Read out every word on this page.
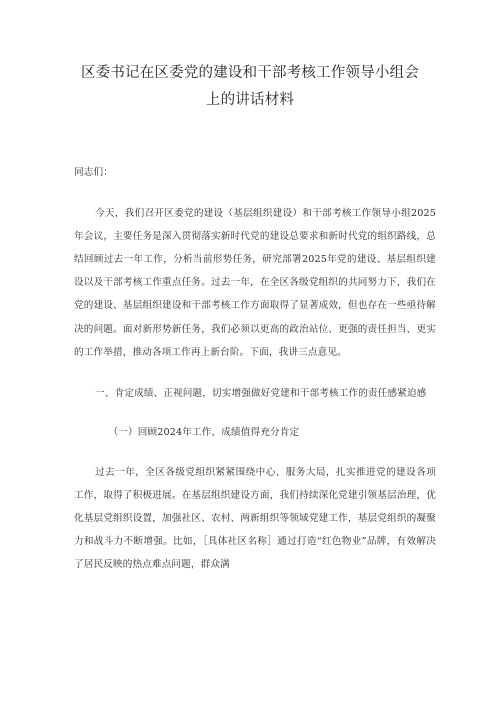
区委书记在区委党的建设和干部考核工作领导小组会
上的讲话材料

同志们：

今天，我们召开区委党的建设（基层组织建设）和干部考核工作领导小组2025年会议，主要任务是深入贯彻落实新时代党的建设总要求和新时代党的组织路线，总结回顾过去一年工作，分析当前形势任务，研究部署2025年党的建设、基层组织建设以及干部考核工作重点任务。过去一年，在全区各级党组织的共同努力下，我们在党的建设、基层组织建设和干部考核工作方面取得了显著成效，但也存在一些亟待解决的问题。面对新形势新任务，我们必须以更高的政治站位、更强的责任担当、更实的工作举措，推动各项工作再上新台阶。下面，我讲三点意见。

一、肯定成绩、正视问题，切实增强做好党建和干部考核工作的责任感紧迫感

（一）回顾2024年工作，成绩值得充分肯定

过去一年，全区各级党组织紧紧围绕中心、服务大局，扎实推进党的建设各项工作，取得了积极进展。在基层组织建设方面，我们持续深化党建引领基层治理，优化基层党组织设置，加强社区、农村、两新组织等领域党建工作，基层党组织的凝聚力和战斗力不断增强。比如，［具体社区名称］通过打造“红色物业”品牌，有效解决了居民反映的热点难点问题，群众满
